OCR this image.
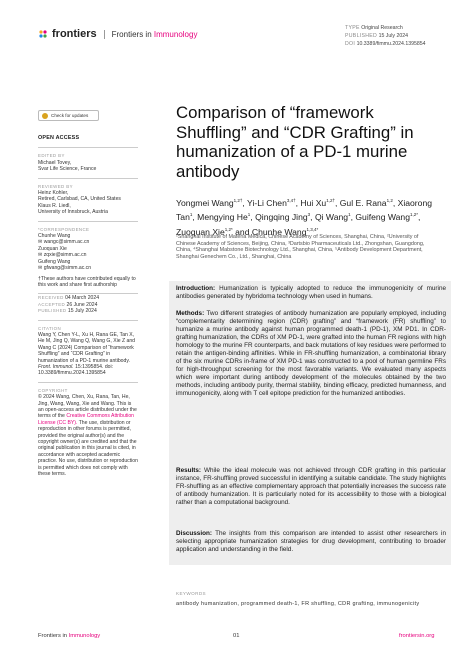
frontiers Frontiers in Immunology
TYPE Original Research
PUBLISHED 15 July 2024
DOI 10.3389/fimmu.2024.1395854
Check for updates
OPEN ACCESS
EDITED BY
Michael Tovey,
Svar Life Science, France
REVIEWED BY
Heinz Kohler,
Retired, Carlsbad, CA, United States
Klaus R. Liedl,
University of Innsbruck, Austria
*CORRESPONDENCE
Chunhe Wang
✉ wangc@simm.ac.cn
Zuoquan Xie
✉ zqxie@simm.ac.cn
Guifeng Wang
✉ gfwang@simm.ac.cn
†These authors have contributed equally to this work and share first authorship
RECEIVED 04 March 2024
ACCEPTED 26 June 2024
PUBLISHED 15 July 2024
CITATION
Wang Y, Chen Y-L, Xu H, Rana GE, Tan X, He M, Jing Q, Wang Q, Wang G, Xie Z and Wang C (2024) Comparison of “framework Shuffling” and “CDR Grafting” in humanization of a PD-1 murine antibody. Front. Immunol. 15:1395854. doi: 10.3389/fimmu.2024.1395854
COPYRIGHT
© 2024 Wang, Chen, Xu, Rana, Tan, He, Jing, Wang, Wang, Xie and Wang. This is an open-access article distributed under the terms of the Creative Commons Attribution License (CC BY). The use, distribution or reproduction in other forums is permitted, provided the original author(s) and the copyright owner(s) are credited and that the original publication in this journal is cited, in accordance with accepted academic practice. No use, distribution or reproduction is permitted which does not comply with these terms.
Comparison of “framework Shuffling” and “CDR Grafting” in humanization of a PD-1 murine antibody
Yongmei Wang$^{1,2\dagger}$, Yi-Li Chen$^{3,4\dagger}$, Hui $Xu^{1,2\dagger}$, Gul E. Rana$^{1,2}$, Xiaorong Tan$^1$, Mengying He$^1$, Qingqing Jing$^3$, Qi Wang$^1$, Guifeng Wang$^{1,2*}$, Zuoquan Xie$^{1,2*}$ and Chunhe Wang$^{1,3,4*}$
¹Shanghai Institute of Materia Medica, Chinese Academy of Sciences, Shanghai, China, ²University of Chinese Academy of Sciences, Beijing, China, ³Dartsbio Pharmaceuticals Ltd., Zhongshan, Guangdong, China, ⁴Shanghai Mabstone Biotechnology Ltd., Shanghai, China, ⁵Antibody Development Department, Shanghai Genechem Co., Ltd., Shanghai, China

Introduction: Humanization is typically adopted to reduce the immunogenicity of murine antibodies generated by hybridoma technology when used in humans.

Methods: Two different strategies of antibody humanization are popularly employed, including “complementarity determining region (CDR) grafting” and “framework (FR) shuffling” to humanize a murine antibody against human programmed death-1 (PD-1), XM PD1. In CDR-grafting humanization, the CDRs of XM PD-1, were grafted into the human FR regions with high homology to the murine FR counterparts, and back mutations of key residues were performed to retain the antigen-binding affinities. While in FR-shuffling humanization, a combinatorial library of the six murine CDRs in-frame of XM PD-1 was constructed to a pool of human germline FRs for high-throughput screening for the most favorable variants. We evaluated many aspects which were important during antibody development of the molecules obtained by the two methods, including antibody purity, thermal stability, binding efficacy, predicted humanness, and immunogenicity, along with T cell epitope prediction for the humanized antibodies.

Results: While the ideal molecule was not achieved through CDR grafting in this particular instance, FR-shuffling proved successful in identifying a suitable candidate. The study highlights FR-shuffling as an effective complementary approach that potentially increases the success rate of antibody humanization. It is particularly noted for its accessibility to those with a biological rather than a computational background.

Discussion: The insights from this comparison are intended to assist other researchers in selecting appropriate humanization strategies for drug development, contributing to broader application and understanding in the field.

KEYWORDS
antibody humanization, programmed death-1, FR shuffling, CDR grafting, immunogenicity
Frontiers in Immunology	01	frontiersin.org
